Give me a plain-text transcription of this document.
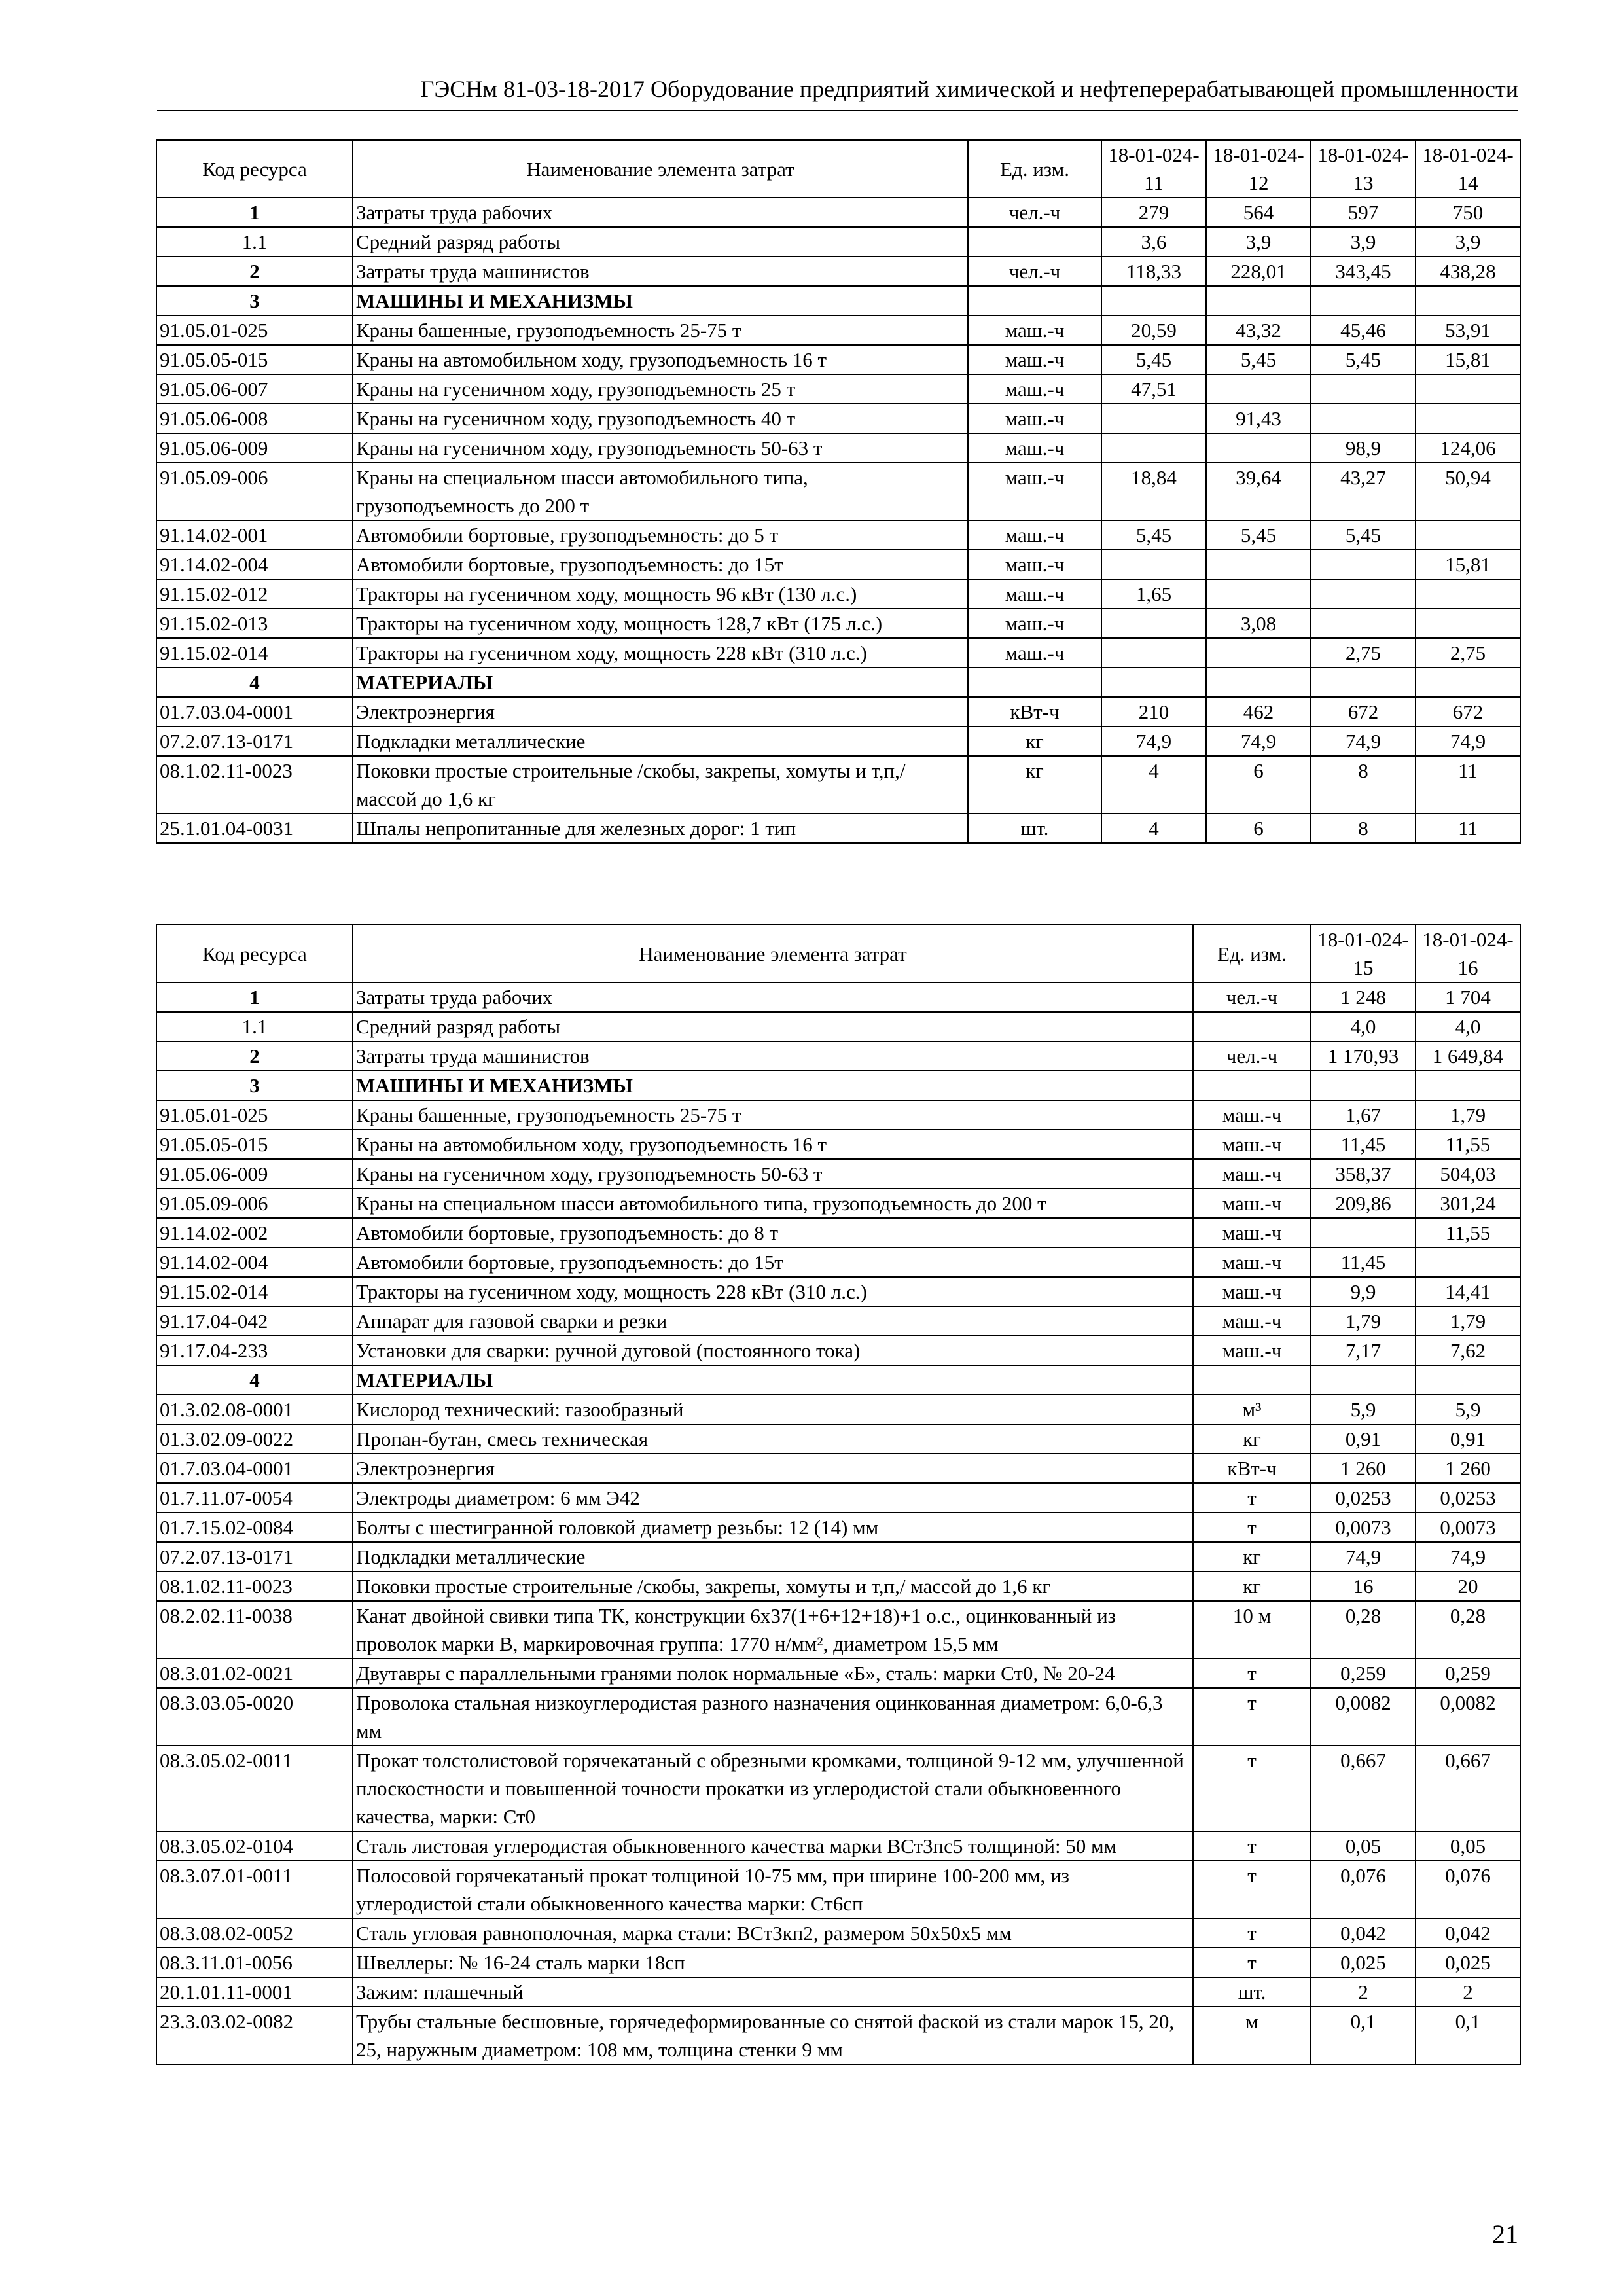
ГЭСНм 81-03-18-2017 Оборудование предприятий химической и нефтеперерабатывающей промышленности
Код ресурса	Наименование элемента затрат	Ед. изм.	18-01-024-11	18-01-024-12	18-01-024-13	18-01-024-14
1	Затраты труда рабочих	чел.-ч	279	564	597	750
1.1	Средний разряд работы		3,6	3,9	3,9	3,9
2	Затраты труда машинистов	чел.-ч	118,33	228,01	343,45	438,28
3	МАШИНЫ И МЕХАНИЗМЫ					
91.05.01-025	Краны башенные, грузоподъемность 25-75 т	маш.-ч	20,59	43,32	45,46	53,91
91.05.05-015	Краны на автомобильном ходу, грузоподъемность 16 т	маш.-ч	5,45	5,45	5,45	15,81
91.05.06-007	Краны на гусеничном ходу, грузоподъемность 25 т	маш.-ч	47,51			
91.05.06-008	Краны на гусеничном ходу, грузоподъемность 40 т	маш.-ч		91,43		
91.05.06-009	Краны на гусеничном ходу, грузоподъемность 50-63 т	маш.-ч			98,9	124,06
91.05.09-006	Краны на специальном шасси автомобильного типа, грузоподъемность до 200 т	маш.-ч	18,84	39,64	43,27	50,94
91.14.02-001	Автомобили бортовые, грузоподъемность: до 5 т	маш.-ч	5,45	5,45	5,45	
91.14.02-004	Автомобили бортовые, грузоподъемность: до 15т	маш.-ч				15,81
91.15.02-012	Тракторы на гусеничном ходу, мощность 96 кВт (130 л.с.)	маш.-ч	1,65			
91.15.02-013	Тракторы на гусеничном ходу, мощность 128,7 кВт (175 л.с.)	маш.-ч		3,08		
91.15.02-014	Тракторы на гусеничном ходу, мощность 228 кВт (310 л.с.)	маш.-ч			2,75	2,75
4	МАТЕРИАЛЫ					
01.7.03.04-0001	Электроэнергия	кВт-ч	210	462	672	672
07.2.07.13-0171	Подкладки металлические	кг	74,9	74,9	74,9	74,9
08.1.02.11-0023	Поковки простые строительные /скобы, закрепы, хомуты и т,п,/ массой до 1,6 кг	кг	4	6	8	11
25.1.01.04-0031	Шпалы непропитанные для железных дорог: 1 тип	шт.	4	6	8	11
Код ресурса	Наименование элемента затрат	Ед. изм.	18-01-024-15	18-01-024-16
1	Затраты труда рабочих	чел.-ч	1 248	1 704
1.1	Средний разряд работы		4,0	4,0
2	Затраты труда машинистов	чел.-ч	1 170,93	1 649,84
3	МАШИНЫ И МЕХАНИЗМЫ			
91.05.01-025	Краны башенные, грузоподъемность 25-75 т	маш.-ч	1,67	1,79
91.05.05-015	Краны на автомобильном ходу, грузоподъемность 16 т	маш.-ч	11,45	11,55
91.05.06-009	Краны на гусеничном ходу, грузоподъемность 50-63 т	маш.-ч	358,37	504,03
91.05.09-006	Краны на специальном шасси автомобильного типа, грузоподъемность до 200 т	маш.-ч	209,86	301,24
91.14.02-002	Автомобили бортовые, грузоподъемность: до 8 т	маш.-ч		11,55
91.14.02-004	Автомобили бортовые, грузоподъемность: до 15т	маш.-ч	11,45	
91.15.02-014	Тракторы на гусеничном ходу, мощность 228 кВт (310 л.с.)	маш.-ч	9,9	14,41
91.17.04-042	Аппарат для газовой сварки и резки	маш.-ч	1,79	1,79
91.17.04-233	Установки для сварки: ручной дуговой (постоянного тока)	маш.-ч	7,17	7,62
4	МАТЕРИАЛЫ			
01.3.02.08-0001	Кислород технический: газообразный	м³	5,9	5,9
01.3.02.09-0022	Пропан-бутан, смесь техническая	кг	0,91	0,91
01.7.03.04-0001	Электроэнергия	кВт-ч	1 260	1 260
01.7.11.07-0054	Электроды диаметром: 6 мм Э42	т	0,0253	0,0253
01.7.15.02-0084	Болты с шестигранной головкой диаметр резьбы: 12 (14) мм	т	0,0073	0,0073
07.2.07.13-0171	Подкладки металлические	кг	74,9	74,9
08.1.02.11-0023	Поковки простые строительные /скобы, закрепы, хомуты и т,п,/ массой до 1,6 кг	кг	16	20
08.2.02.11-0038	Канат двойной свивки типа ТК, конструкции 6х37(1+6+12+18)+1 о.с., оцинкованный из проволок марки В, маркировочная группа: 1770 н/мм², диаметром 15,5 мм	10 м	0,28	0,28
08.3.01.02-0021	Двутавры с параллельными гранями полок нормальные «Б», сталь: марки Ст0, № 20-24	т	0,259	0,259
08.3.03.05-0020	Проволока стальная низкоуглеродистая разного назначения оцинкованная диаметром: 6,0-6,3 мм	т	0,0082	0,0082
08.3.05.02-0011	Прокат толстолистовой горячекатаный с обрезными кромками, толщиной 9-12 мм, улучшенной плоскостности и повышенной точности прокатки из углеродистой стали обыкновенного качества, марки: Ст0	т	0,667	0,667
08.3.05.02-0104	Сталь листовая углеродистая обыкновенного качества марки ВСт3пс5 толщиной: 50 мм	т	0,05	0,05
08.3.07.01-0011	Полосовой горячекатаный прокат толщиной 10-75 мм, при ширине 100-200 мм, из углеродистой стали обыкновенного качества марки: Ст6сп	т	0,076	0,076
08.3.08.02-0052	Сталь угловая равнополочная, марка стали: ВСт3кп2, размером 50х50х5 мм	т	0,042	0,042
08.3.11.01-0056	Швеллеры: № 16-24 сталь марки 18сп	т	0,025	0,025
20.1.01.11-0001	Зажим: плашечный	шт.	2	2
23.3.03.02-0082	Трубы стальные бесшовные, горячедеформированные со снятой фаской из стали марок 15, 20, 25, наружным диаметром: 108 мм, толщина стенки 9 мм	м	0,1	0,1
21
